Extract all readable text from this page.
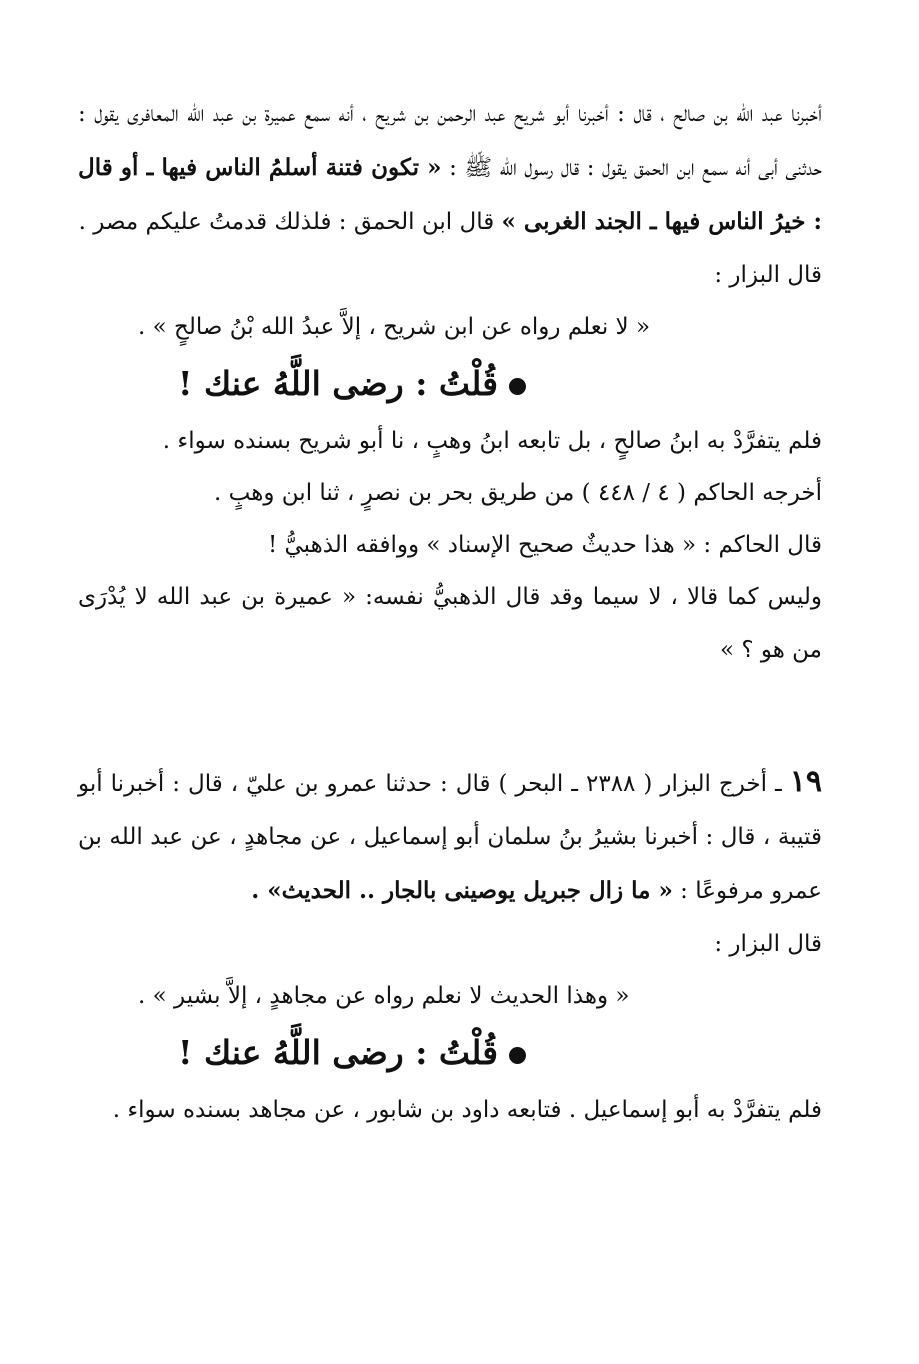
أخبرنا عبد الله بن صالح ، قال : أخبرنا أبو شريح عبد الرحمن بن شريح ، أنه سمع عميرة بن عبد الله المعافرى يقول : حدثنى أبى أنه سمع ابن الحمق يقول : قال رسول الله ﷺ : « تكون فتنة أسلمُ الناس فيها ـ أو قال : خيرُ الناس فيها ـ الجند الغربى » قال ابن الحمق : فلذلك قدمتُ عليكم مصر .

قال البزار :

« لا نعلم رواه عن ابن شريح ، إلاَّ عبدُ الله بْنُ صالحٍ » .

قُلْتُ : رضى اللَّهُ عنك !

فلم يتفرَّدْ به ابنُ صالحٍ ، بل تابعه ابنُ وهبٍ ، نا أبو شريح بسنده سواء .

أخرجه الحاكم ( ٤ / ٤٤٨ ) من طريق بحر بن نصرٍ ، ثنا ابن وهبٍ .

قال الحاكم : « هذا حديثٌ صحيح الإسناد » ووافقه الذهبيُّ !

وليس كما قالا ، لا سيما وقد قال الذهبيُّ نفسه: « عميرة بن عبد الله لا يُدْرَى من هو ؟ »

١٩ ـ أخرج البزار ( ٢٣٨٨ ـ البحر ) قال : حدثنا عمرو بن عليّ ، قال : أخبرنا أبو قتيبة ، قال : أخبرنا بشيرُ بنُ سلمان أبو إسماعيل ، عن مجاهدٍ ، عن عبد الله بن عمرو مرفوعًا : « ما زال جبريل يوصينى بالجار .. الحديث» .

قال البزار :

« وهذا الحديث لا نعلم رواه عن مجاهدٍ ، إلاَّ بشير » .

قُلْتُ : رضى اللَّهُ عنك !

فلم يتفرَّدْ به أبو إسماعيل . فتابعه داود بن شابور ، عن مجاهد بسنده سواء .
